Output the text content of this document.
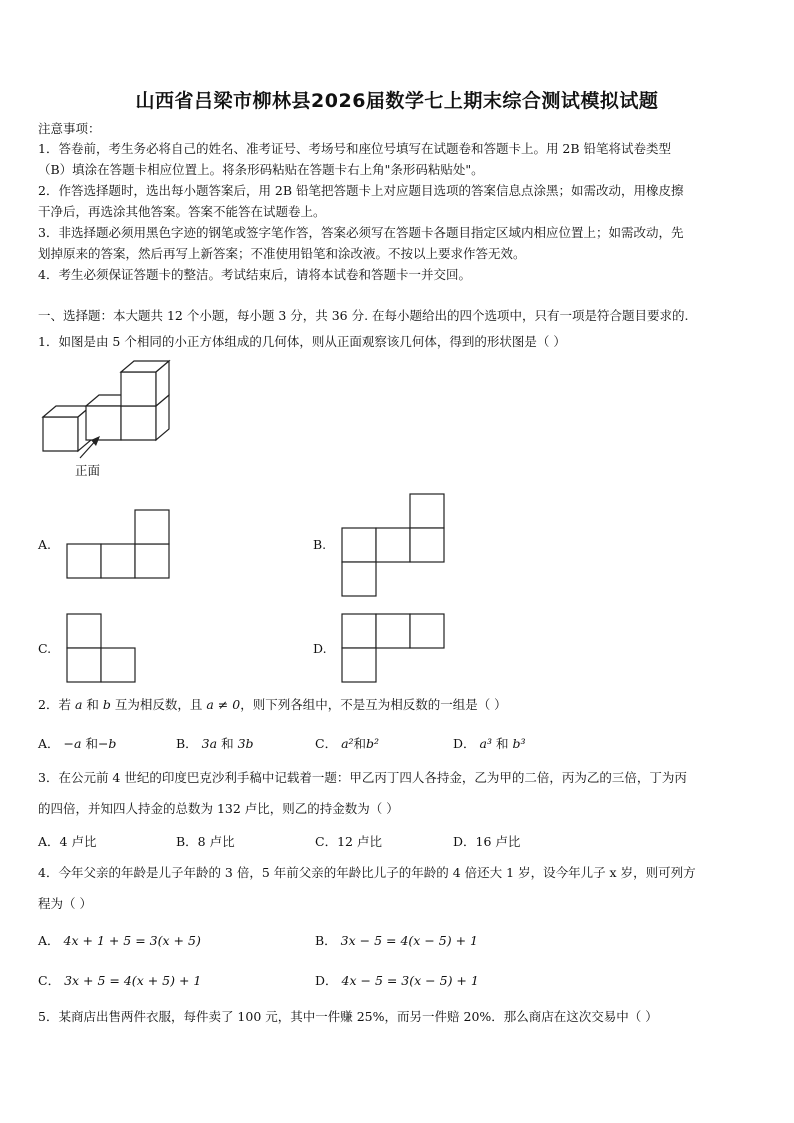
山西省吕梁市柳林县2026届数学七上期末综合测试模拟试题
注意事项：
1．答卷前，考生务必将自己的姓名、准考证号、考场号和座位号填写在试题卷和答题卡上。用 2B 铅笔将试卷类型
（B）填涂在答题卡相应位置上。将条形码粘贴在答题卡右上角"条形码粘贴处"。
2．作答选择题时，选出每小题答案后，用 2B 铅笔把答题卡上对应题目选项的答案信息点涂黑；如需改动，用橡皮擦
干净后，再选涂其他答案。答案不能答在试题卷上。
3．非选择题必须用黑色字迹的钢笔或签字笔作答，答案必须写在答题卡各题目指定区域内相应位置上；如需改动，先
划掉原来的答案，然后再写上新答案；不准使用铅笔和涂改液。不按以上要求作答无效。
4．考生必须保证答题卡的整洁。考试结束后，请将本试卷和答题卡一并交回。
一、选择题：本大题共 12 个小题，每小题 3 分，共 36 分. 在每小题给出的四个选项中，只有一项是符合题目要求的.
1．如图是由 5 个相同的小正方体组成的几何体，则从正面观察该几何体，得到的形状图是（ ）
正面
A.	B.
C.	D.
2．若 a 和 b 互为相反数，且 a ≠ 0，则下列各组中，不是互为相反数的一组是（ ）
A． −a 和−b	B． 3a 和 3b	C． a²和b²	D． a³ 和 b³
3．在公元前 4 世纪的印度巴克沙利手稿中记载着一题：甲乙丙丁四人各持金，乙为甲的二倍，丙为乙的三倍，丁为丙
的四倍，并知四人持金的总数为 132 卢比，则乙的持金数为（ ）
A．4 卢比	B．8 卢比	C．12 卢比	D．16 卢比
4．今年父亲的年龄是儿子年龄的 3 倍，5 年前父亲的年龄比儿子的年龄的 4 倍还大 1 岁，设今年儿子 x 岁，则可列方
程为（ ）
A． 4x + 1 + 5 = 3(x + 5)	B． 3x − 5 = 4(x − 5) + 1
C． 3x + 5 = 4(x + 5) + 1	D． 4x − 5 = 3(x − 5) + 1
5．某商店出售两件衣服，每件卖了 100 元，其中一件赚 25%，而另一件赔 20%．那么商店在这次交易中（ ）
